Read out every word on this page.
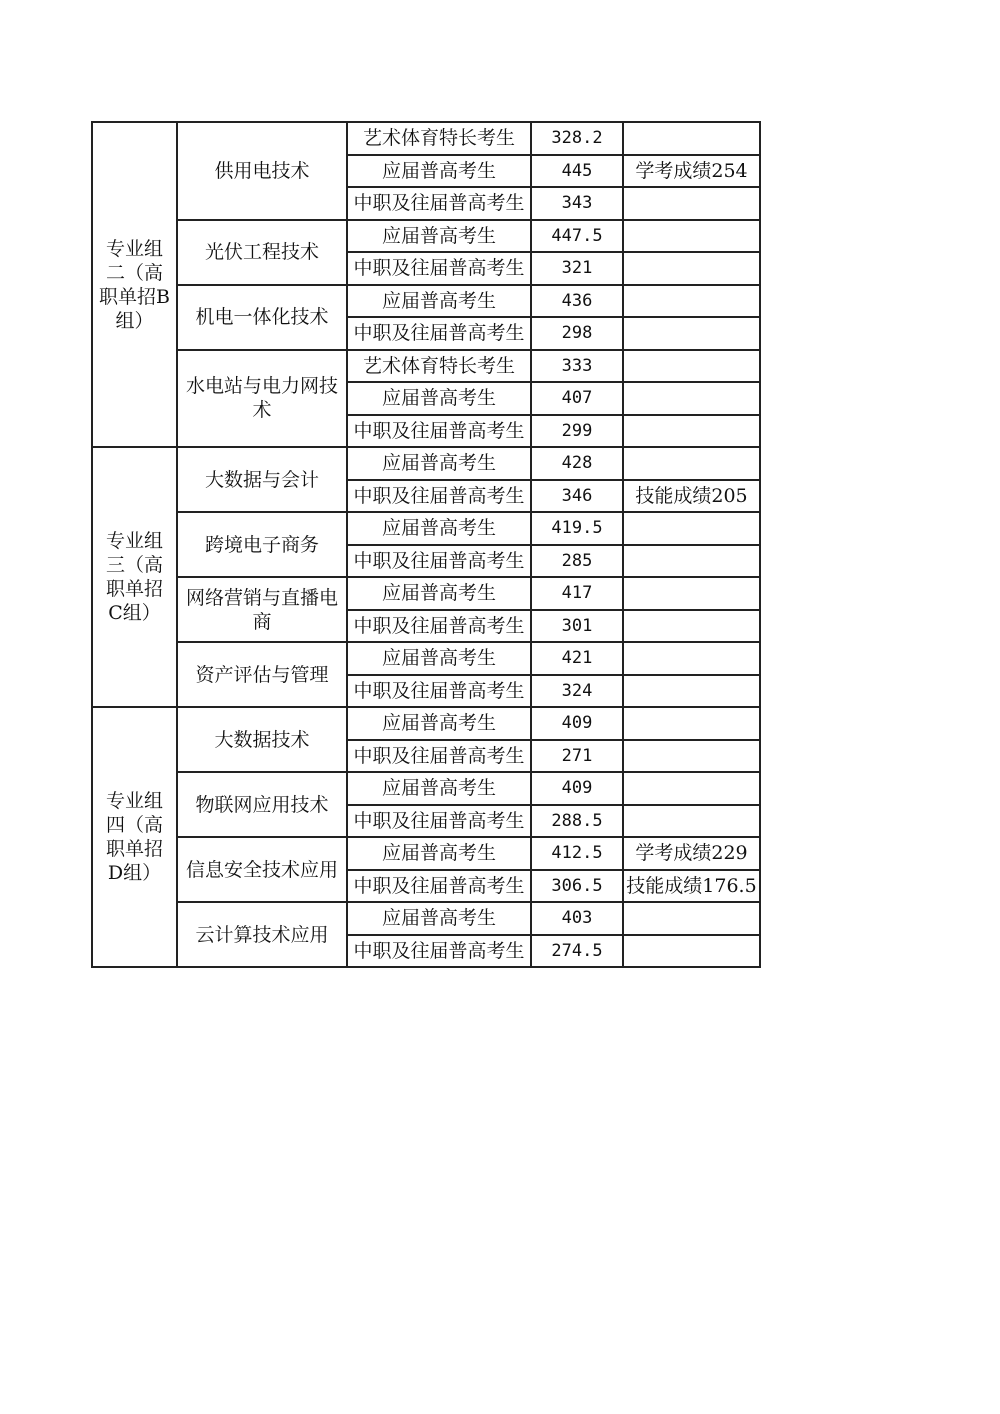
专业组二（高职单招B组）	供用电技术	艺术体育特长考生	328.2	
		应届普高考生	445	学考成绩254
		中职及往届普高考生	343	
	光伏工程技术	应届普高考生	447.5	
		中职及往届普高考生	321	
	机电一体化技术	应届普高考生	436	
		中职及往届普高考生	298	
	水电站与电力网技术	艺术体育特长考生	333	
		应届普高考生	407	
		中职及往届普高考生	299	
专业组三（高职单招C组）	大数据与会计	应届普高考生	428	
		中职及往届普高考生	346	技能成绩205
	跨境电子商务	应届普高考生	419.5	
		中职及往届普高考生	285	
	网络营销与直播电商	应届普高考生	417	
		中职及往届普高考生	301	
	资产评估与管理	应届普高考生	421	
		中职及往届普高考生	324	
专业组四（高职单招D组）	大数据技术	应届普高考生	409	
		中职及往届普高考生	271	
	物联网应用技术	应届普高考生	409	
		中职及往届普高考生	288.5	
	信息安全技术应用	应届普高考生	412.5	学考成绩229
		中职及往届普高考生	306.5	技能成绩176.5
	云计算技术应用	应届普高考生	403	
		中职及往届普高考生	274.5	
